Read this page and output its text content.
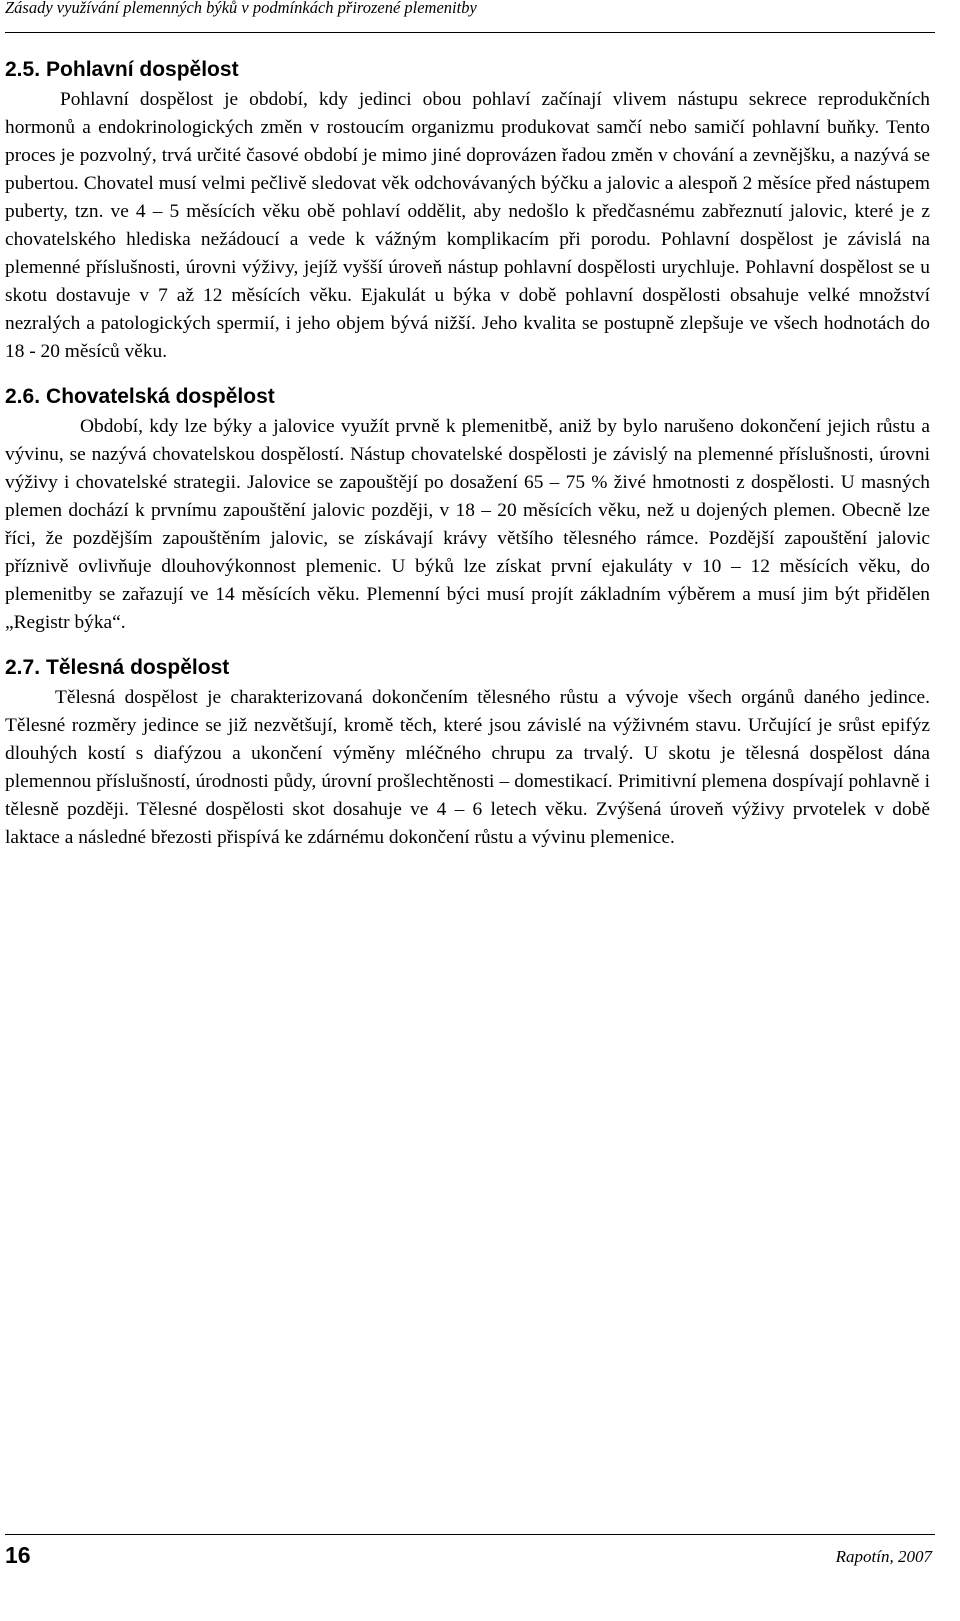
Zásady využívání plemenných býků v podmínkách přirozené plemenitby
2.5. Pohlavní dospělost

Pohlavní dospělost je období, kdy jedinci obou pohlaví začínají vlivem nástupu sekrece reprodukčních hormonů a endokrinologických změn v rostoucím organizmu produkovat samčí nebo samičí pohlavní buňky. Tento proces je pozvolný, trvá určité časové období je mimo jiné doprovázen řadou změn v chování a zevnějšku, a nazývá se pubertou. Chovatel musí velmi pečlivě sledovat věk odchovávaných býčku a jalovic a alespoň 2 měsíce před nástupem puberty, tzn. ve 4 – 5 měsících věku obě pohlaví oddělit, aby nedošlo k předčasnému zabřeznutí jalovic, které je z chovatelského hlediska nežádoucí a vede k vážným komplikacím při porodu. Pohlavní dospělost je závislá na plemenné příslušnosti, úrovni výživy, jejíž vyšší úroveň nástup pohlavní dospělosti urychluje. Pohlavní dospělost se u skotu dostavuje v 7 až 12 měsících věku. Ejakulát u býka v době pohlavní dospělosti obsahuje velké množství nezralých a patologických spermií, i jeho objem bývá nižší. Jeho kvalita se postupně zlepšuje ve všech hodnotách do 18 - 20 měsíců věku.

2.6. Chovatelská dospělost

Období, kdy lze býky a jalovice využít prvně k plemenitbě, aniž by bylo narušeno dokončení jejich růstu a vývinu, se nazývá chovatelskou dospělostí. Nástup chovatelské dospělosti je závislý na plemenné příslušnosti, úrovni výživy i chovatelské strategii. Jalovice se zapouštějí po dosažení 65 – 75 % živé hmotnosti z dospělosti. U masných plemen dochází k prvnímu zapouštění jalovic později, v 18 – 20 měsících věku, než u dojených plemen. Obecně lze říci, že pozdějším zapouštěním jalovic, se získávají krávy většího tělesného rámce. Pozdější zapouštění jalovic příznivě ovlivňuje dlouhovýkonnost plemenic. U býků lze získat první ejakuláty v 10 – 12 měsících věku, do plemenitby se zařazují ve 14 měsících věku. Plemenní býci musí projít základním výběrem a musí jim být přidělen „Registr býka“.

2.7. Tělesná dospělost

Tělesná dospělost je charakterizovaná dokončením tělesného růstu a vývoje všech orgánů daného jedince. Tělesné rozměry jedince se již nezvětšují, kromě těch, které jsou závislé na výživném stavu. Určující je srůst epifýz dlouhých kostí s diafýzou a ukončení výměny mléčného chrupu za trvalý. U skotu je tělesná dospělost dána plemennou příslušností, úrodnosti půdy, úrovní prošlechtěnosti – domestikací. Primitivní plemena dospívají pohlavně i tělesně později. Tělesné dospělosti skot dosahuje ve 4 – 6 letech věku. Zvýšená úroveň výživy prvotelek v době laktace a následné březosti přispívá ke zdárnému dokončení růstu a vývinu plemenice.

16	Rapotín, 2007
